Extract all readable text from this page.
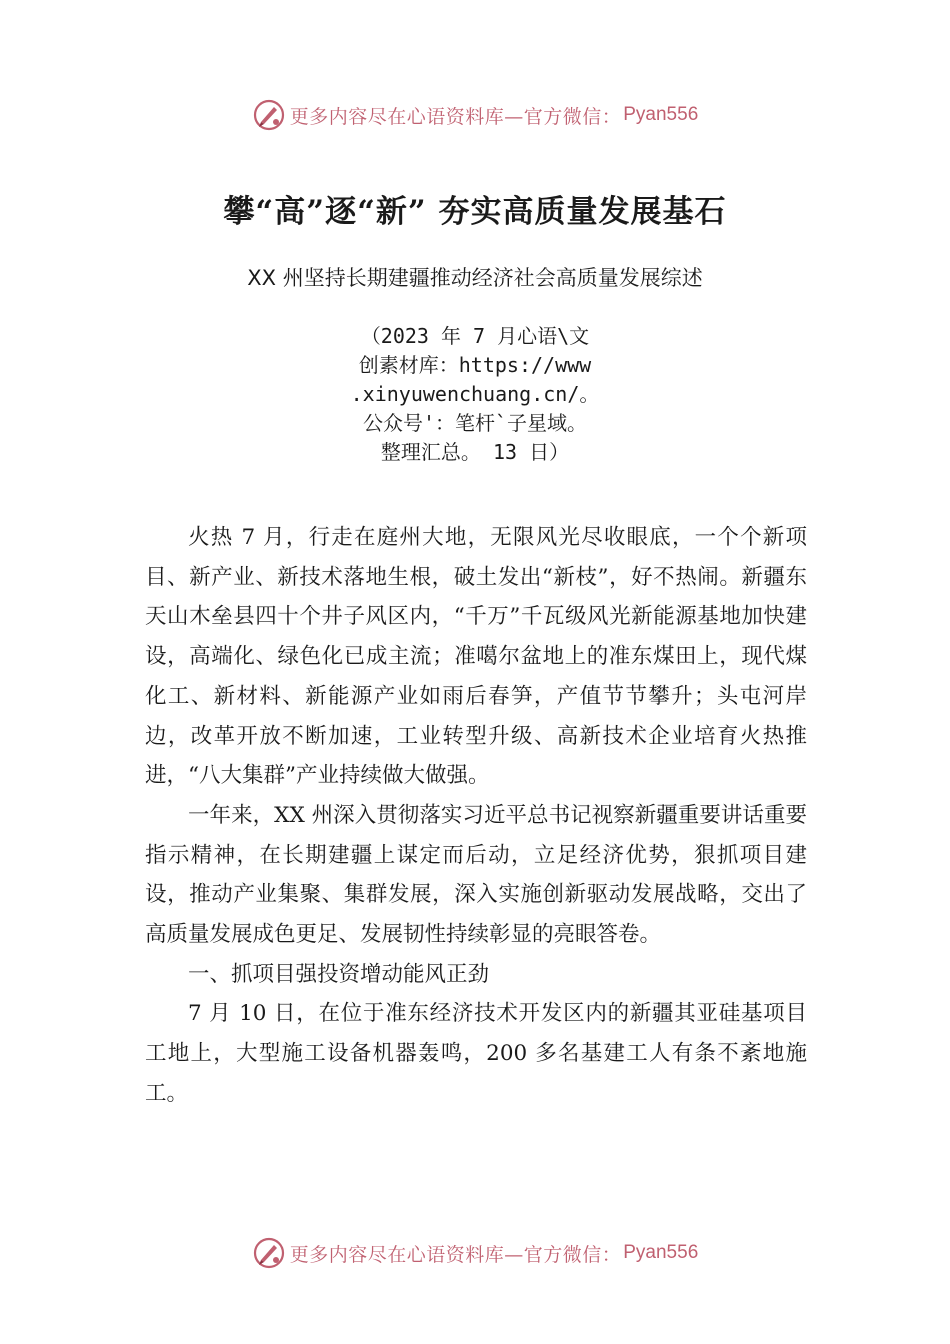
更多内容尽在心语资料库—官方微信： Pyan556
攀“高”逐“新” 夯实高质量发展基石
XX 州坚持长期建疆推动经济社会高质量发展综述
（2023 年 7 月心语\文
创素材库：https://www
.xinyuwenchuang.cn/。
公众号'：笔杆`子星域。
整理汇总。 13 日）

火热 7 月，行走在庭州大地，无限风光尽收眼底，一个个新项目、新产业、新技术落地生根，破土发出“新枝”，好不热闹。新疆东天山木垒县四十个井子风区内，“千万”千瓦级风光新能源基地加快建设，高端化、绿色化已成主流；准噶尔盆地上的准东煤田上，现代煤化工、新材料、新能源产业如雨后春笋，产值节节攀升；头屯河岸边，改革开放不断加速，工业转型升级、高新技术企业培育火热推进，“八大集群”产业持续做大做强。

一年来，XX 州深入贯彻落实习近平总书记视察新疆重要讲话重要指示精神，在长期建疆上谋定而后动，立足经济优势，狠抓项目建设，推动产业集聚、集群发展，深入实施创新驱动发展战略，交出了高质量发展成色更足、发展韧性持续彰显的亮眼答卷。

一、抓项目强投资增动能风正劲

7 月 10 日，在位于准东经济技术开发区内的新疆其亚硅基项目工地上，大型施工设备机器轰鸣，200 多名基建工人有条不紊地施工。

更多内容尽在心语资料库—官方微信： Pyan556
